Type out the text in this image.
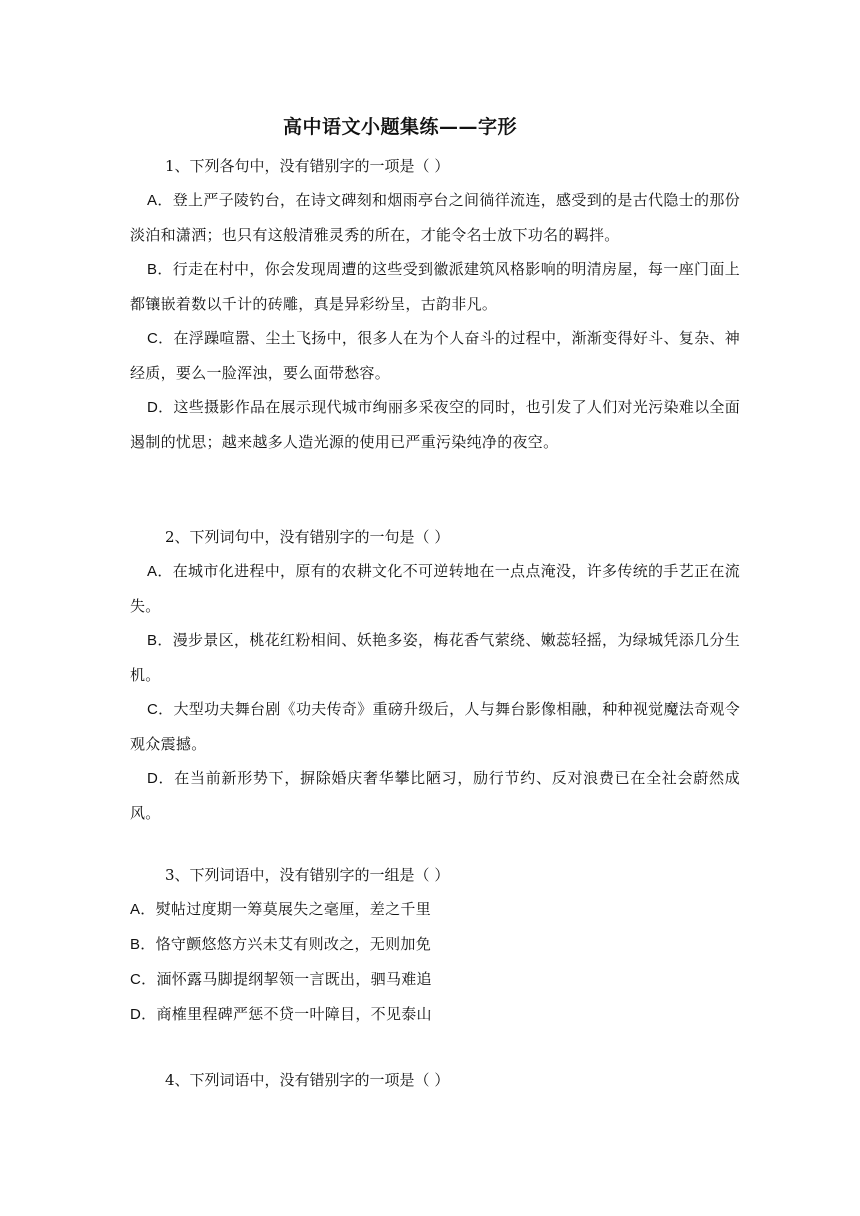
高中语文小题集练——字形
1、下列各句中，没有错别字的一项是（ ）
A．登上严子陵钓台，在诗文碑刻和烟雨亭台之间徜徉流连，感受到的是古代隐士的那份淡泊和潇洒；也只有这般清雅灵秀的所在，才能令名士放下功名的羁拌。
B．行走在村中，你会发现周遭的这些受到徽派建筑风格影响的明清房屋，每一座门面上都镶嵌着数以千计的砖雕，真是异彩纷呈，古韵非凡。
C．在浮躁喧嚣、尘土飞扬中，很多人在为个人奋斗的过程中，渐渐变得好斗、复杂、神经质，要么一脸浑浊，要么面带愁容。
D．这些摄影作品在展示现代城市绚丽多采夜空的同时，也引发了人们对光污染难以全面遏制的忧思；越来越多人造光源的使用已严重污染纯净的夜空。
2、下列词句中，没有错别字的一句是（ ）
A．在城市化进程中，原有的农耕文化不可逆转地在一点点淹没，许多传统的手艺正在流失。
B．漫步景区，桃花红粉相间、妖艳多姿，梅花香气萦绕、嫩蕊轻摇，为绿城凭添几分生机。
C．大型功夫舞台剧《功夫传奇》重磅升级后，人与舞台影像相融，种种视觉魔法奇观令观众震撼。
D．在当前新形势下，摒除婚庆奢华攀比陋习，励行节约、反对浪费已在全社会蔚然成风。
3、下列词语中，没有错别字的一组是（ ）
A．熨帖过度期一筹莫展失之毫厘，差之千里
B．恪守颤悠悠方兴未艾有则改之，无则加免
C．湎怀露马脚提纲挈领一言既出，驷马难追
D．商榷里程碑严惩不贷一叶障目，不见泰山
4、下列词语中，没有错别字的一项是（ ）
